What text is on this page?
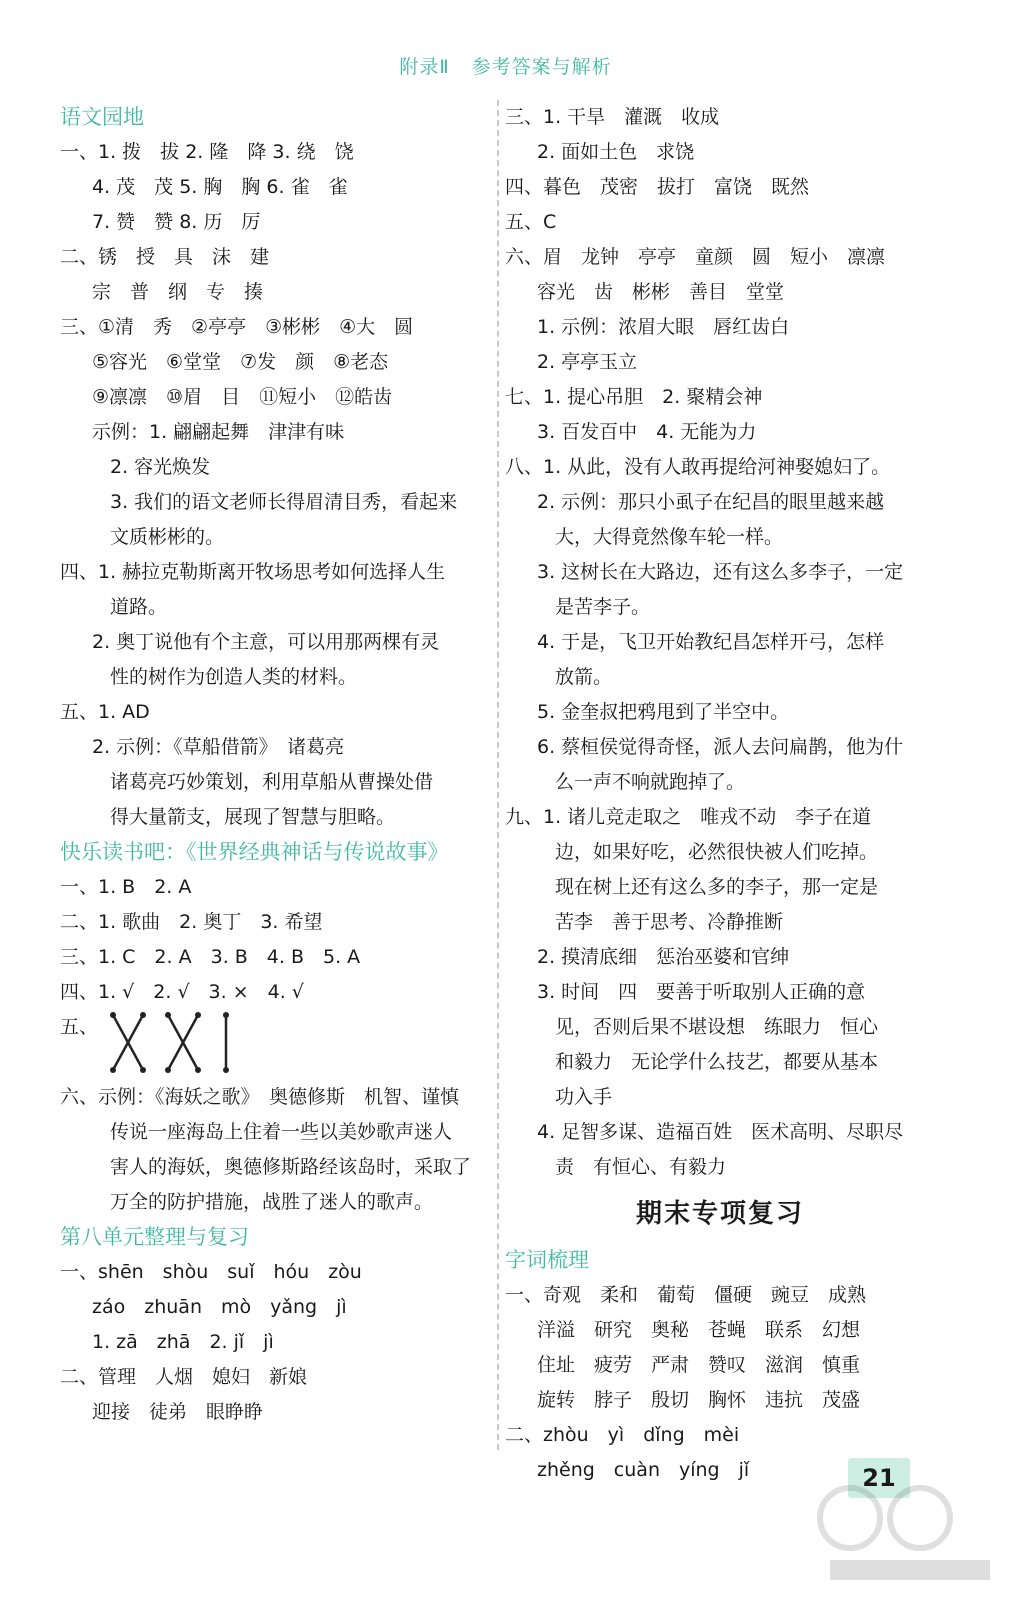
附录Ⅱ 参考答案与解析
语文园地
一、1. 拨　拔 2. 隆　降 3. 绕　饶
4. 茂　茂 5. 胸　胸 6. 雀　雀
7. 赞　赞 8. 历　厉
二、锈　授　具　沫　建
宗　普　纲　专　揍
三、①清　秀　②亭亭　③彬彬　④大　圆
⑤容光　⑥堂堂　⑦发　颜　⑧老态
⑨凛凛　⑩眉　目　⑪短小　⑫皓齿
示例：1. 翩翩起舞　津津有味
2. 容光焕发
3. 我们的语文老师长得眉清目秀，看起来
文质彬彬的。
四、1. 赫拉克勒斯离开牧场思考如何选择人生
道路。
2. 奥丁说他有个主意，可以用那两棵有灵
性的树作为创造人类的材料。
五、1. AD
2. 示例：《草船借箭》　诸葛亮
诸葛亮巧妙策划，利用草船从曹操处借
得大量箭支，展现了智慧与胆略。
快乐读书吧：《世界经典神话与传说故事》
一、1. B　2. A
二、1. 歌曲　2. 奥丁　3. 希望
三、1. C　2. A　3. B　4. B　5. A
四、1. √　2. √　3. ×　4. √
五、
六、示例：《海妖之歌》　奥德修斯　机智、谨慎
传说一座海岛上住着一些以美妙歌声迷人
害人的海妖，奥德修斯路经该岛时，采取了
万全的防护措施，战胜了迷人的歌声。
第八单元整理与复习
一、shēn　shòu　suǐ　hóu　zòu
záo　zhuān　mò　yǎng　jì
1. zā　zhā　2. jǐ　jì
二、管理　人烟　媳妇　新娘
迎接　徒弟　眼睁睁
三、1. 干旱　灌溉　收成
2. 面如土色　求饶
四、暮色　茂密　拔打　富饶　既然
五、C
六、眉　龙钟　亭亭　童颜　圆　短小　凛凛
容光　齿　彬彬　善目　堂堂
1. 示例：浓眉大眼　唇红齿白
2. 亭亭玉立
七、1. 提心吊胆　2. 聚精会神
3. 百发百中　4. 无能为力
八、1. 从此，没有人敢再提给河神娶媳妇了。
2. 示例：那只小虱子在纪昌的眼里越来越
大，大得竟然像车轮一样。
3. 这树长在大路边，还有这么多李子，一定
是苦李子。
4. 于是，飞卫开始教纪昌怎样开弓，怎样
放箭。
5. 金奎叔把鸦甩到了半空中。
6. 蔡桓侯觉得奇怪，派人去问扁鹊，他为什
么一声不响就跑掉了。
九、1. 诸儿竞走取之　唯戎不动　李子在道
边，如果好吃，必然很快被人们吃掉。
现在树上还有这么多的李子，那一定是
苦李　善于思考、冷静推断
2. 摸清底细　惩治巫婆和官绅
3. 时间　四　要善于听取别人正确的意
见，否则后果不堪设想　练眼力　恒心
和毅力　无论学什么技艺，都要从基本
功入手
4. 足智多谋、造福百姓　医术高明、尽职尽
责　有恒心、有毅力
期末专项复习
字词梳理
一、奇观　柔和　葡萄　僵硬　豌豆　成熟
洋溢　研究　奥秘　苍蝇　联系　幻想
住址　疲劳　严肃　赞叹　滋润　慎重
旋转　脖子　殷切　胸怀　违抗　茂盛
二、zhòu　yì　dǐng　mèi
zhěng　cuàn　yíng　jǐ	21
